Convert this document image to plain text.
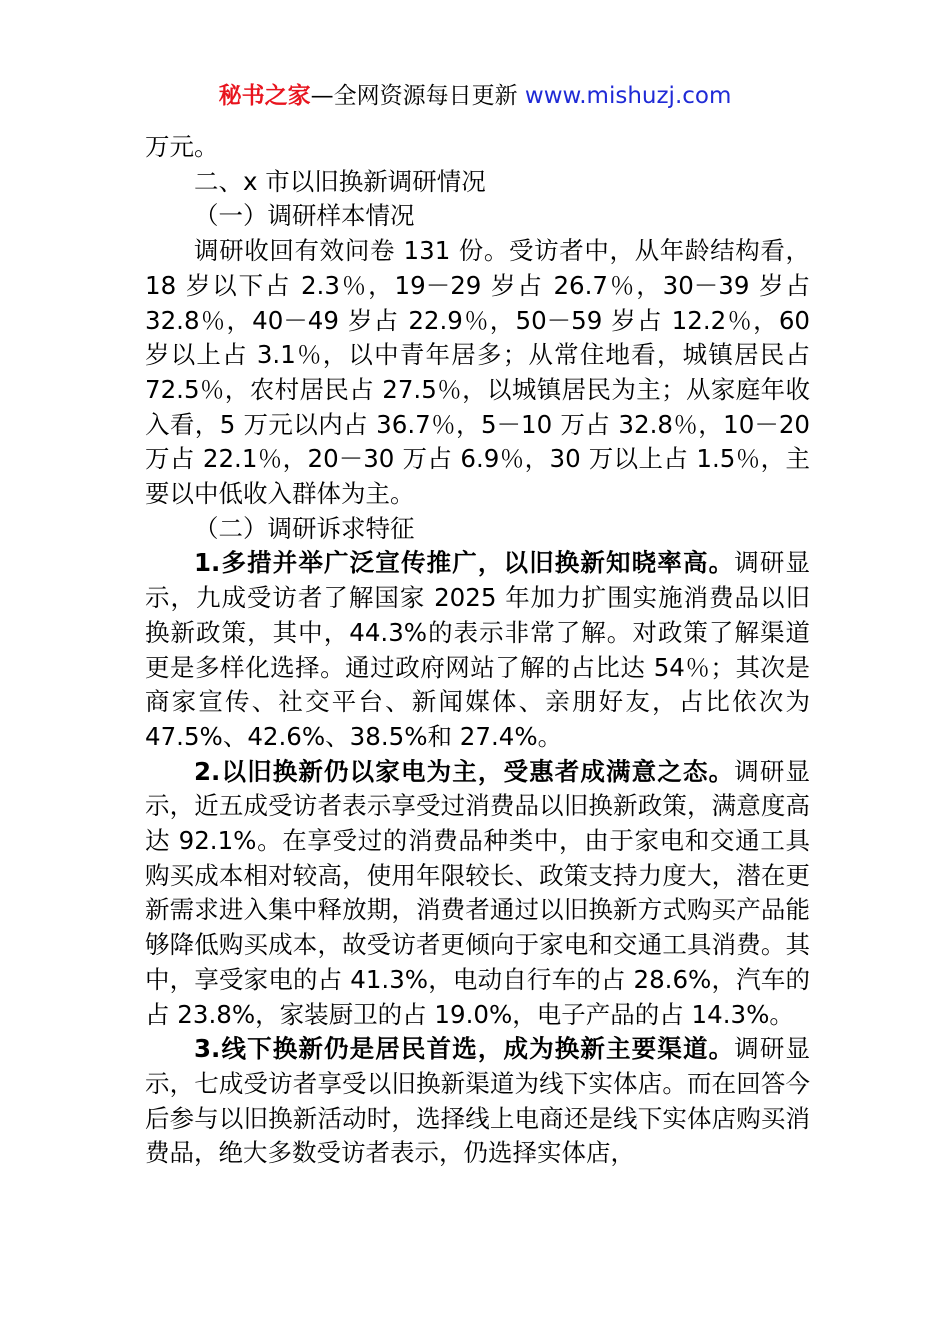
秘书之家—全网资源每日更新 www.mishuzj.com

万元。

二、x 市以旧换新调研情况

（一）调研样本情况

调研收回有效问卷 131 份。受访者中，从年龄结构看，18 岁以下占 2.3％，19－29 岁占 26.7％，30－39 岁占 32.8％，40－49 岁占 22.9％，50－59 岁占 12.2％，60 岁以上占 3.1％，以中青年居多；从常住地看，城镇居民占 72.5％，农村居民占 27.5％，以城镇居民为主；从家庭年收入看，5 万元以内占 36.7％，5－10 万占 32.8％，10－20 万占 22.1％，20－30 万占 6.9％，30 万以上占 1.5％，主要以中低收入群体为主。

（二）调研诉求特征

1.多措并举广泛宣传推广，以旧换新知晓率高。调研显示，九成受访者了解国家 2025 年加力扩围实施消费品以旧换新政策，其中，44.3%的表示非常了解。对政策了解渠道更是多样化选择。通过政府网站了解的占比达 54％；其次是商家宣传、社交平台、新闻媒体、亲朋好友，占比依次为 47.5%、42.6%、38.5%和 27.4%。

2.以旧换新仍以家电为主，受惠者成满意之态。调研显示，近五成受访者表示享受过消费品以旧换新政策，满意度高达 92.1%。在享受过的消费品种类中，由于家电和交通工具购买成本相对较高，使用年限较长、政策支持力度大，潜在更新需求进入集中释放期，消费者通过以旧换新方式购买产品能够降低购买成本，故受访者更倾向于家电和交通工具消费。其中，享受家电的占 41.3%，电动自行车的占 28.6%，汽车的占 23.8%，家装厨卫的占 19.0%，电子产品的占 14.3%。

3.线下换新仍是居民首选，成为换新主要渠道。调研显示，七成受访者享受以旧换新渠道为线下实体店。而在回答今后参与以旧换新活动时，选择线上电商还是线下实体店购买消费品，绝大多数受访者表示，仍选择实体店，
